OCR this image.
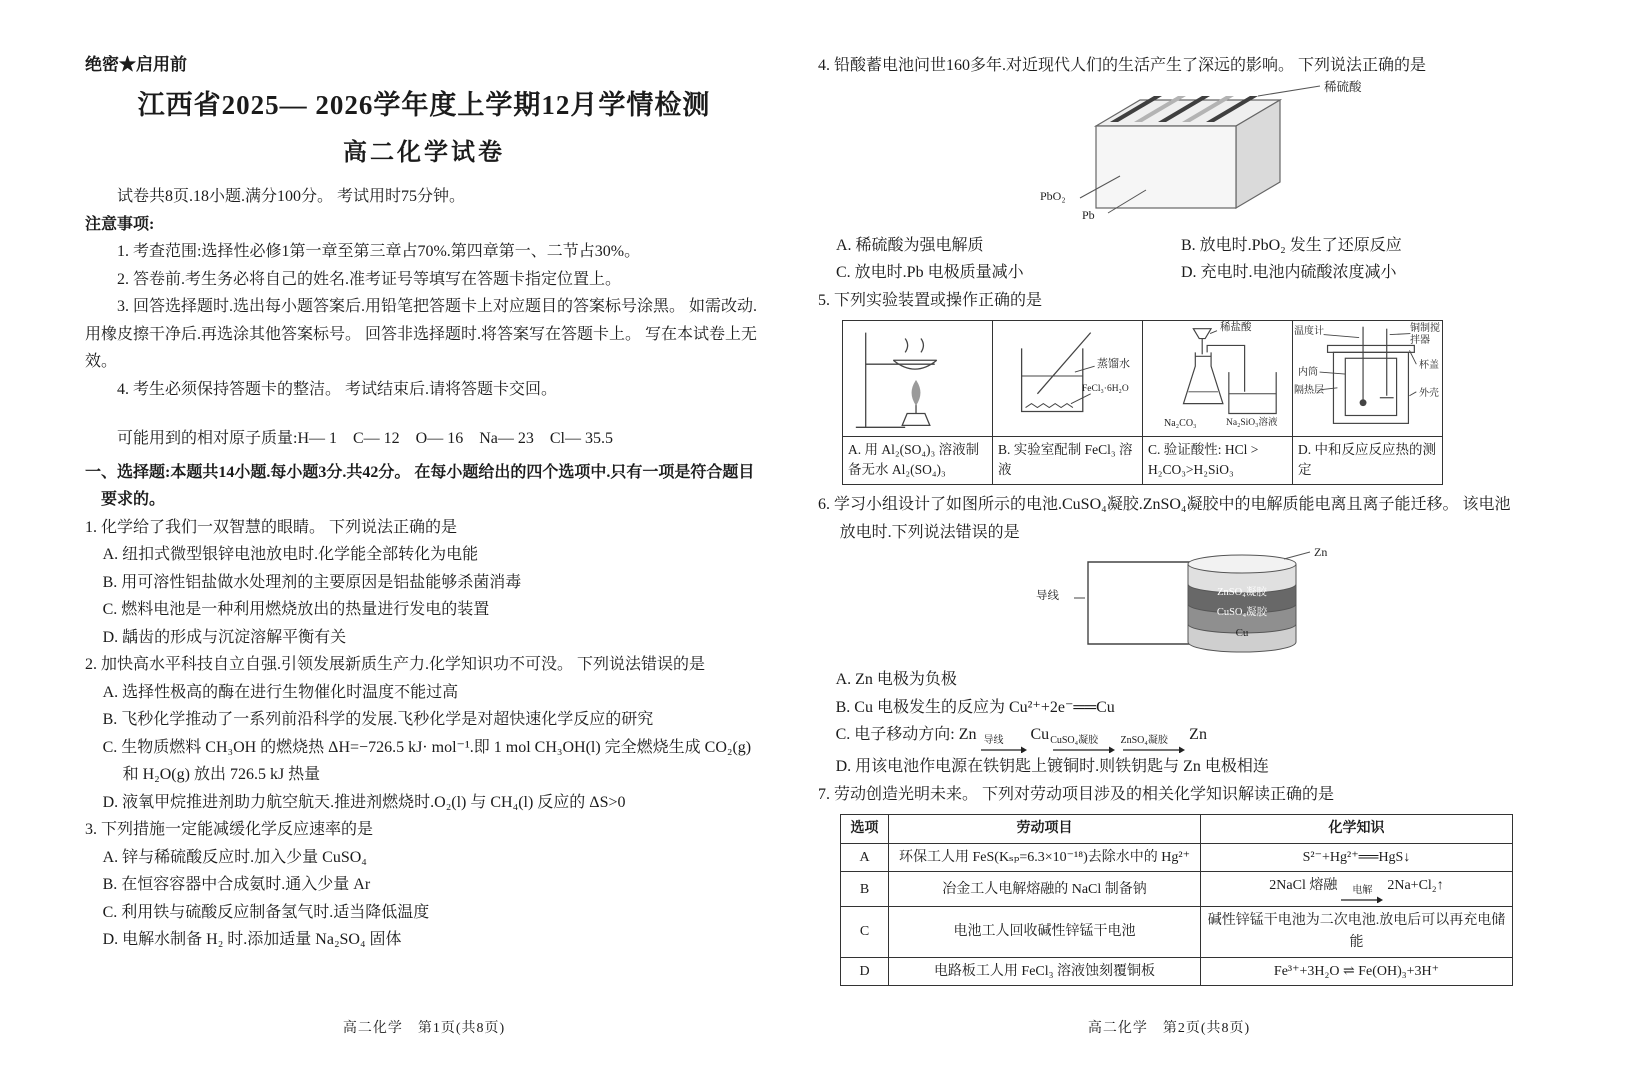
绝密★启用前
江西省2025— 2026学年度上学期12月学情检测
高二化学试卷

试卷共8页.18小题.满分100分。 考试用时75分钟。

注意事项:

1. 考查范围:选择性必修1第一章至第三章占70%.第四章第一、二节占30%。

2. 答卷前.考生务必将自己的姓名.准考证号等填写在答题卡指定位置上。

3. 回答选择题时.选出每小题答案后.用铅笔把答题卡上对应题目的答案标号涂黑。 如需改动.用橡皮擦干净后.再选涂其他答案标号。 回答非选择题时.将答案写在答题卡上。 写在本试卷上无效。

4. 考生必须保持答题卡的整洁。 考试结束后.请将答题卡交回。

可能用到的相对原子质量:H— 1　C— 12　O— 16　Na— 23　Cl— 35.5

一、选择题:本题共14小题.每小题3分.共42分。 在每小题给出的四个选项中.只有一项是符合题目要求的。

1. 化学给了我们一双智慧的眼睛。 下列说法正确的是

A. 纽扣式微型银锌电池放电时.化学能全部转化为电能

B. 用可溶性铝盐做水处理剂的主要原因是铝盐能够杀菌消毒

C. 燃料电池是一种利用燃烧放出的热量进行发电的装置

D. 龋齿的形成与沉淀溶解平衡有关

2. 加快高水平科技自立自强.引领发展新质生产力.化学知识功不可没。 下列说法错误的是

A. 选择性极高的酶在进行生物催化时温度不能过高

B. 飞秒化学推动了一系列前沿科学的发展.飞秒化学是对超快速化学反应的研究

C. 生物质燃料 CH₃OH 的燃烧热 ΔH=−726.5 kJ· mol⁻¹.即 1 mol CH₃OH(l) 完全燃烧生成 CO₂(g) 和 H₂O(g) 放出 726.5 kJ 热量

D. 液氧甲烷推进剂助力航空航天.推进剂燃烧时.O₂(l) 与 CH₄(l) 反应的 ΔS>0

3. 下列措施一定能减缓化学反应速率的是

A. 锌与稀硫酸反应时.加入少量 CuSO₄

B. 在恒容容器中合成氨时.通入少量 Ar

C. 利用铁与硫酸反应制备氢气时.适当降低温度

D. 电解水制备 H₂ 时.添加适量 Na₂SO₄ 固体

高二化学　第1页(共8页)

4. 铅酸蓄电池问世160多年.对近现代人们的生活产生了深远的影响。 下列说法正确的是

稀硫酸
PbO₂
Pb
A. 稀硫酸为强电解质	B. 放电时.PbO₂ 发生了还原反应
C. 放电时.Pb 电极质量减小	D. 充电时.电池内硫酸浓度减小

5. 下列实验装置或操作正确的是

蒸馏水
FeCl₃·6H₂O

稀盐酸
Na₂CO₃	Na₂SiO₃溶液

温度计	铜制搅拌器
内筒
隔热层
杯盖
外壳

A. 用 Al₂(SO₄)₃ 溶液制备无水 Al₂(SO₄)₃	B. 实验室配制 FeCl₃ 溶液	C. 验证酸性: HCl > H₂CO₃>H₂SiO₃	D. 中和反应反应热的测定

6. 学习小组设计了如图所示的电池.CuSO₄凝胶.ZnSO₄凝胶中的电解质能电离且离子能迁移。 该电池放电时.下列说法错误的是

导线
Zn
ZnSO₄凝胶
CuSO₄凝胶
Cu

A. Zn 电极为负极

B. Cu 电极发生的反应为 Cu²⁺+2e⁻══Cu

C. 电子移动方向: Zn 导线 Cu CuSO₄凝胶 ZnSO₄凝胶 Zn

D. 用该电池作电源在铁钥匙上镀铜时.则铁钥匙与 Zn 电极相连

7. 劳动创造光明未来。 下列对劳动项目涉及的相关化学知识解读正确的是

选项	劳动项目	化学知识
A	环保工人用 FeS(Kₛₚ=6.3×10⁻¹⁸)去除水中的 Hg²⁺	S²⁻+Hg²⁺══HgS↓
B	冶金工人电解熔融的 NaCl 制备钠	2NaCl 熔融 电解 2Na+Cl₂↑
C	电池工人回收碱性锌锰干电池	碱性锌锰干电池为二次电池.放电后可以再充电储能
D	电路板工人用 FeCl₃ 溶液蚀刻覆铜板	Fe³⁺+3H₂O ⇌ Fe(OH)₃+3H⁺
高二化学　第2页(共8页)
